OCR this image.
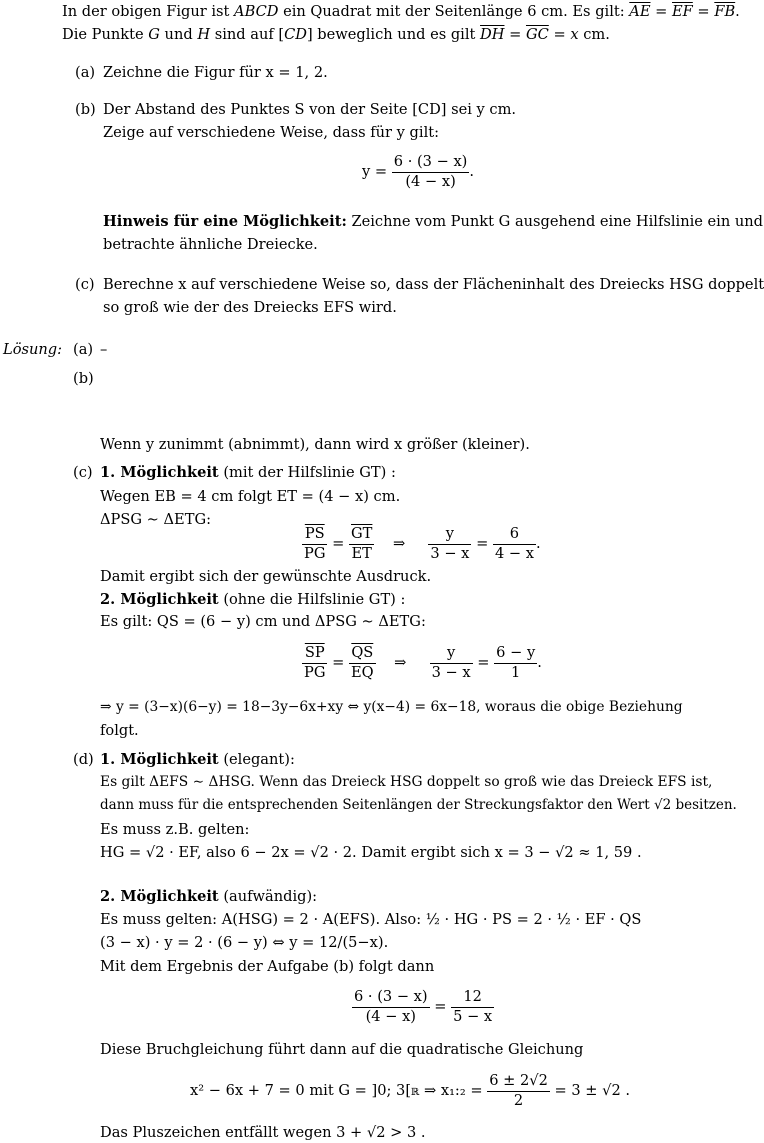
In der obigen Figur ist ABCD ein Quadrat mit der Seitenlänge 6 cm. Es gilt: $\overline{AE} = \overline{EF} = \overline{FB}$.
Die Punkte G und H sind auf [CD] beweglich und es gilt $\overline{DH} = \overline{GC} = x$ cm.
(a) Zeichne die Figur für x = 1, 2.
(b) Der Abstand des Punktes S von der Seite [CD] sei y cm.
Zeige auf verschiedene Weise, dass für y gilt:
$y = \frac{6 \cdot (3 - x)}{(4 - x)}$ .
Hinweis für eine Möglichkeit: Zeichne vom Punkt G ausgehend eine Hilfslinie ein und
betrachte ähnliche Dreiecke.
(c) Berechne x auf verschiedene Weise so, dass der Flächeninhalt des Dreiecks HSG doppelt
so groß wie der des Dreiecks EFS wird.
Lösung: (a) –
(b)
Wenn y zunimmt (abnimmt), dann wird x größer (kleiner).
(c) 1. Möglichkeit (mit der Hilfslinie GT) :
Wegen EB = 4 cm folgt ET = (4 − x) cm.
ΔPSG ∼ ΔETG:
$\frac{\overline{PS}}{PG} = \frac{\overline{GT}}{ET}$ ⇒ $\frac{y}{3 - x} = \frac{6}{4 - x}$ .
Damit ergibt sich der gewünschte Ausdruck.
2. Möglichkeit (ohne die Hilfslinie GT) :
Es gilt: QS = (6 − y) cm und ΔPSG ∼ ΔETG:
$\frac{\overline{SP}}{PG} = \frac{\overline{QS}}{EQ}$ ⇒ $\frac{y}{3 - x} = \frac{6 - y}{1}$ .
⇒ y = (3−x)(6−y) = 18−3y−6x+xy ⇔ y(x−4) = 6x−18, woraus die obige Beziehung
folgt.
(d) 1. Möglichkeit (elegant):
Es gilt ΔEFS ∼ ΔHSG. Wenn das Dreieck HSG doppelt so groß wie das Dreieck EFS ist,
dann muss für die entsprechenden Seitenlängen der Streckungsfaktor den Wert √2 besitzen.
Es muss z.B. gelten:
HG = √2 · EF, also 6 − 2x = √2 · 2. Damit ergibt sich x = 3 − √2 ≈ 1, 59 .
2. Möglichkeit (aufwändig):
Es muss gelten: A(HSG) = 2 · A(EFS). Also: ½ · HG · PS = 2 · ½ · EF · QS
(3 − x) · y = 2 · (6 − y) ⇔ y = 12/(5−x).
Mit dem Ergebnis der Aufgabe (b) folgt dann
$\frac{6 \cdot (3 - x)}{(4 - x)} = \frac{12}{5 - x}$
Diese Bruchgleichung führt dann auf die quadratische Gleichung
x² − 6x + 7 = 0 mit G = ]0; 3[ℝ ⇒ x₁:₂ = $\frac{6 \pm 2√2}{2} = 3 \pm √2$ .
Das Pluszeichen entfällt wegen 3 + √2 > 3 .
